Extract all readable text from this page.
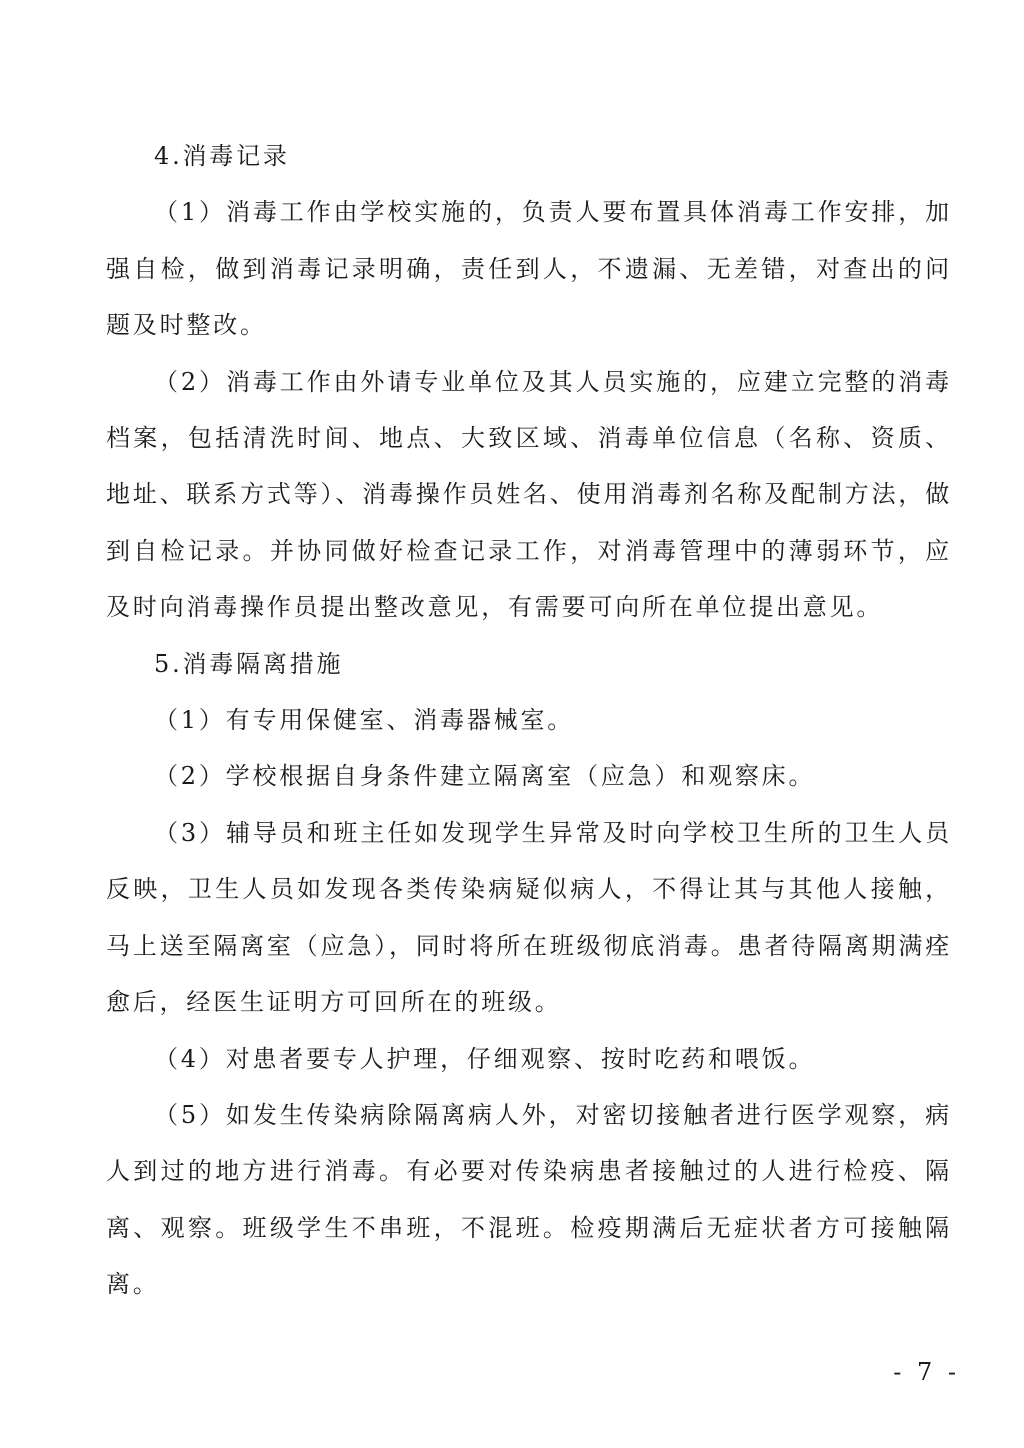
4.消毒记录

（1）消毒工作由学校实施的，负责人要布置具体消毒工作安排，加强自检，做到消毒记录明确，责任到人，不遗漏、无差错，对查出的问题及时整改。

（2）消毒工作由外请专业单位及其人员实施的，应建立完整的消毒档案，包括清洗时间、地点、大致区域、消毒单位信息（名称、资质、地址、联系方式等）、消毒操作员姓名、使用消毒剂名称及配制方法，做到自检记录。并协同做好检查记录工作，对消毒管理中的薄弱环节，应及时向消毒操作员提出整改意见，有需要可向所在单位提出意见。

5.消毒隔离措施

（1）有专用保健室、消毒器械室。

（2）学校根据自身条件建立隔离室（应急）和观察床。

（3）辅导员和班主任如发现学生异常及时向学校卫生所的卫生人员反映，卫生人员如发现各类传染病疑似病人，不得让其与其他人接触，马上送至隔离室（应急），同时将所在班级彻底消毒。患者待隔离期满痊愈后，经医生证明方可回所在的班级。

（4）对患者要专人护理，仔细观察、按时吃药和喂饭。

（5）如发生传染病除隔离病人外，对密切接触者进行医学观察，病人到过的地方进行消毒。有必要对传染病患者接触过的人进行检疫、隔离、观察。班级学生不串班，不混班。检疫期满后无症状者方可接触隔离。

- 7 -
